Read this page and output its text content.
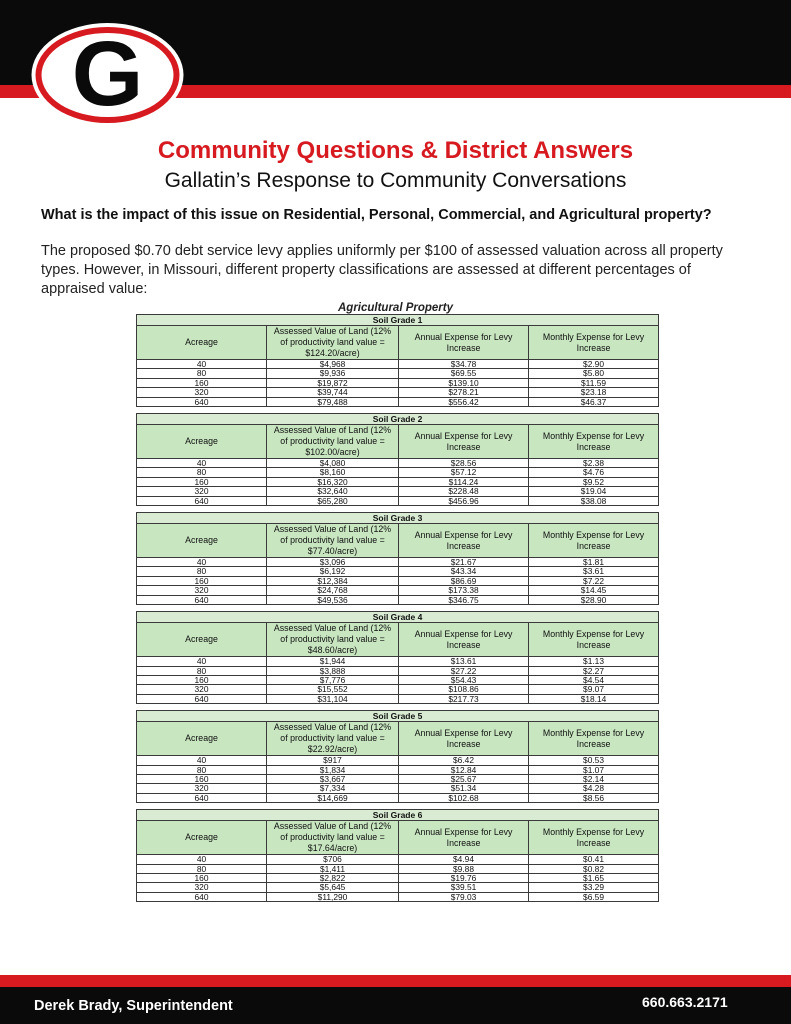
G
Community Questions & District Answers
Gallatin’s Response to Community Conversations
What is the impact of this issue on Residential, Personal, Commercial, and Agricultural property?
The proposed $0.70 debt service levy applies uniformly per $100 of assessed valuation across all property types. However, in Missouri, different property classifications are assessed at different percentages of appraised value:
Agricultural Property
Soil Grade 1			
Acreage	Assessed Value of Land (12% of productivity land value = $124.20/acre)	Annual Expense for Levy Increase	Monthly Expense for Levy Increase
40	$4,968	$34.78	$2.90
80	$9,936	$69.55	$5.80
160	$19,872	$139.10	$11.59
320	$39,744	$278.21	$23.18
640	$79,488	$556.42	$46.37
Soil Grade 2			
Acreage	Assessed Value of Land (12% of productivity land value = $102.00/acre)	Annual Expense for Levy Increase	Monthly Expense for Levy Increase
40	$4,080	$28.56	$2.38
80	$8,160	$57.12	$4.76
160	$16,320	$114.24	$9.52
320	$32,640	$228.48	$19.04
640	$65,280	$456.96	$38.08
Soil Grade 3			
Acreage	Assessed Value of Land (12% of productivity land value = $77.40/acre)	Annual Expense for Levy Increase	Monthly Expense for Levy Increase
40	$3,096	$21.67	$1.81
80	$6,192	$43.34	$3.61
160	$12,384	$86.69	$7.22
320	$24,768	$173.38	$14.45
640	$49,536	$346.75	$28.90
Soil Grade 4			
Acreage	Assessed Value of Land (12% of productivity land value = $48.60/acre)	Annual Expense for Levy Increase	Monthly Expense for Levy Increase
40	$1,944	$13.61	$1.13
80	$3,888	$27.22	$2.27
160	$7,776	$54.43	$4.54
320	$15,552	$108.86	$9.07
640	$31,104	$217.73	$18.14
Soil Grade 5			
Acreage	Assessed Value of Land (12% of productivity land value = $22.92/acre)	Annual Expense for Levy Increase	Monthly Expense for Levy Increase
40	$917	$6.42	$0.53
80	$1,834	$12.84	$1.07
160	$3,667	$25.67	$2.14
320	$7,334	$51.34	$4.28
640	$14,669	$102.68	$8.56
Soil Grade 6			
Acreage	Assessed Value of Land (12% of productivity land value = $17.64/acre)	Annual Expense for Levy Increase	Monthly Expense for Levy Increase
40	$706	$4.94	$0.41
80	$1,411	$9.88	$0.82
160	$2,822	$19.76	$1.65
320	$5,645	$39.51	$3.29
640	$11,290	$79.03	$6.59
Derek Brady, Superintendent	660.663.2171
